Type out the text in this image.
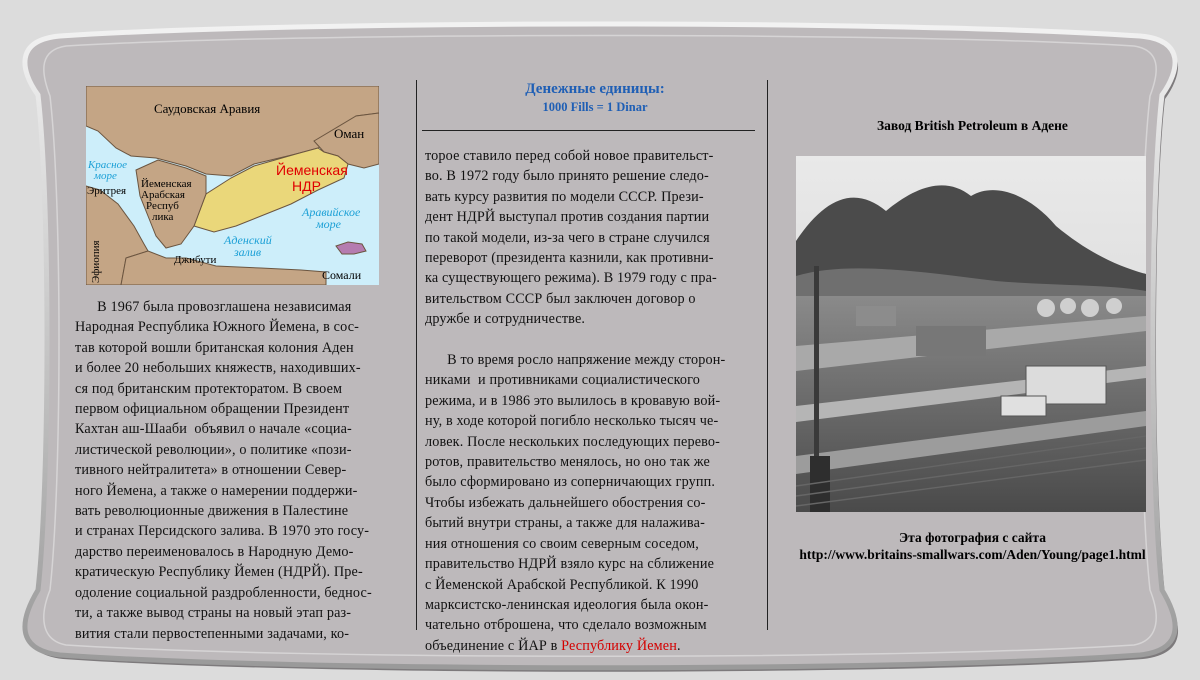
Саудовская Аравия
Оман
Йеменская
НДР
Красное
море
Эритрея
Йеменская
Арабская
Респуб
лика	Аравийское
море
Аденский
залив
Джибути
Эфиопия	Сомали

В 1967 была провозглашена независимая

Народная Республика Южного Йемена, в сос-

тав которой вошли британская колония Аден

и более 20 небольших княжеств, находивших-

ся под британским протекторатом. В своем

первом официальном обращении Президент

Кахтан аш-Шааби  объявил о начале «социа-

листической революции», о политике «пози-

тивного нейтралитета» в отношении Север-

ного Йемена, а также о намерении поддержи-

вать революционные движения в Палестине

и странах Персидского залива. В 1970 это госу-

дарство переименовалось в Народную Демо-

кратическую Республику Йемен (НДРЙ). Пре-

одоление социальной раздробленности, беднос-

ти, а также вывод страны на новый этап раз-

вития стали первостепенными задачами, ко-

Денежные единицы:
1000 Fills = 1 Dinar

торое ставило перед собой новое правительст-

во. В 1972 году было принято решение следо-

вать курсу развития по модели СССР. Прези-

дент НДРЙ выступал против создания партии

по такой модели, из-за чего в стране случился

переворот (президента казнили, как противни-

ка существующего режима). В 1979 году с пра-

вительством СССР был заключен договор о

дружбе и сотрудничестве.

В то время росло напряжение между сторон-

никами  и противниками социалистического

режима, и в 1986 это вылилось в кровавую вой-

ну, в ходе которой погибло несколько тысяч че-

ловек. После нескольких последующих перево-

ротов, правительство менялось, но оно так же

было сформировано из соперничающих групп.

Чтобы избежать дальнейшего обострения со-

бытий внутри страны, а также для налаживa-

ния отношения со своим северным соседом,

правительство НДРЙ взяло курс на сближение

с Йеменской Арабской Республикой. К 1990

марксистско-ленинская идеология была окон-

чательно отброшена, что сделало возможным

объединение с ЙАР в Республику Йемен.

Завод British Petroleum в Адене
Эта фотография с сайта
http://www.britains-smallwars.com/Aden/Young/page1.html
